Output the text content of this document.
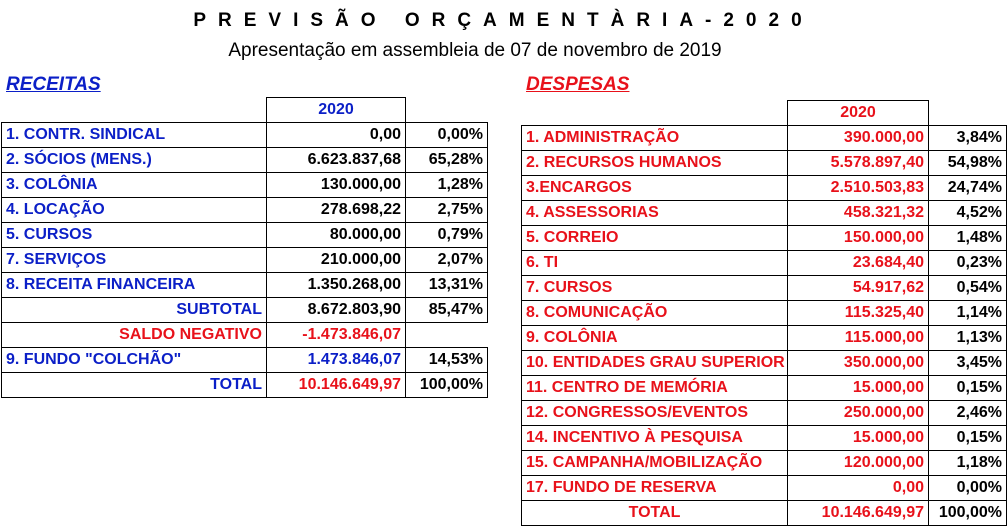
PREVISÃO ORÇAMENTÀRIA-2020
Apresentação em assembleia de 07 de novembro de 2019
RECEITAS	DESPESAS
	2020	
1. CONTR. SINDICAL	0,00	0,00%
2. SÓCIOS (MENS.)	6.623.837,68	65,28%
3. COLÔNIA	130.000,00	1,28%
4. LOCAÇÃO	278.698,22	2,75%
5. CURSOS	80.000,00	0,79%
7. SERVIÇOS	210.000,00	2,07%
8. RECEITA FINANCEIRA	1.350.268,00	13,31%
SUBTOTAL	8.672.803,90	85,47%
SALDO NEGATIVO	-1.473.846,07	
9. FUNDO "COLCHÃO"	1.473.846,07	14,53%
TOTAL	10.146.649,97	100,00%
	2020	
1. ADMINISTRAÇÃO	390.000,00	3,84%
2. RECURSOS HUMANOS	5.578.897,40	54,98%
3.ENCARGOS	2.510.503,83	24,74%
4. ASSESSORIAS	458.321,32	4,52%
5. CORREIO	150.000,00	1,48%
6. TI	23.684,40	0,23%
7. CURSOS	54.917,62	0,54%
8. COMUNICAÇÃO	115.325,40	1,14%
9. COLÔNIA	115.000,00	1,13%
10. ENTIDADES GRAU SUPERIOR	350.000,00	3,45%
11. CENTRO DE MEMÓRIA	15.000,00	0,15%
12. CONGRESSOS/EVENTOS	250.000,00	2,46%
14. INCENTIVO À PESQUISA	15.000,00	0,15%
15. CAMPANHA/MOBILIZAÇÃO	120.000,00	1,18%
17. FUNDO DE RESERVA	0,00	0,00%
TOTAL	10.146.649,97	100,00%
